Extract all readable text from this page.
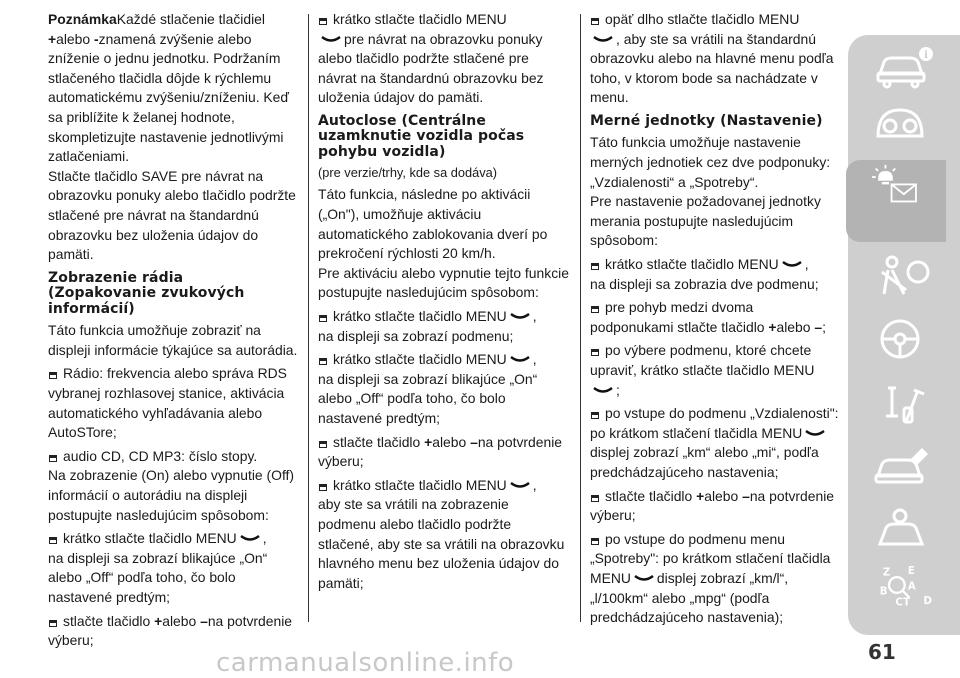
PoznámkaKaždé stlačenie tlačidiel
+alebo -znamená zvýšenie alebo zníženie o jednu jednotku. Podržaním stlačeného tlačidla dôjde k rýchlemu automatickému zvýšeniu/zníženiu. Keď sa priblížite k želanej hodnote, skompletizujte nastavenie jednotlivými zatlačeniami.

Stlačte tlačidlo SAVE pre návrat na obrazovku ponuky alebo tlačidlo podržte stlačené pre návrat na štandardnú obrazovku bez uloženia údajov do pamäti.

Zobrazenie rádia
(Zopakovanie zvukových informácií)

Táto funkcia umožňuje zobraziť na displeji informácie týkajúce sa autorádia.

Rádio: frekvencia alebo správa RDS vybranej rozhlasovej stanice, aktivácia automatického vyhľadávania alebo AutoSTore;

audio CD, CD MP3: číslo stopy.

Na zobrazenie (On) alebo vypnutie (Off) informácií o autorádiu na displeji postupujte nasledujúcim spôsobom:

krátko stlačte tlačidlo MENU ,
na displeji sa zobrazí blikajúce „On“ alebo „Off“ podľa toho, čo bolo nastavené predtým;

stlačte tlačidlo +alebo –na potvrdenie výberu;

krátko stlačte tlačidlo MENU

pre návrat na obrazovku ponuky alebo tlačidlo podržte stlačené pre návrat na štandardnú obrazovku bez uloženia údajov do pamäti.

Autoclose (Centrálne uzamknutie vozidla počas pohybu vozidla)

(pre verzie/trhy, kde sa dodáva)

Táto funkcia, následne po aktivácii („On"), umožňuje aktiváciu automatického zablokovania dverí po prekročení rýchlosti 20 km/h.

Pre aktiváciu alebo vypnutie tejto funkcie postupujte nasledujúcim spôsobom:

krátko stlačte tlačidlo MENU ,
na displeji sa zobrazí podmenu;

krátko stlačte tlačidlo MENU ,
na displeji sa zobrazí blikajúce „On“ alebo „Off“ podľa toho, čo bolo nastavené predtým;

stlačte tlačidlo +alebo –na potvrdenie výberu;

krátko stlačte tlačidlo MENU ,
aby ste sa vrátili na zobrazenie podmenu alebo tlačidlo podržte stlačené, aby ste sa vrátili na obrazovku hlavného menu bez uloženia údajov do pamäti;

opäť dlho stlačte tlačidlo MENU

, aby ste sa vrátili na štandardnú obrazovku alebo na hlavné menu podľa toho, v ktorom bode sa nachádzate v menu.

Merné jednotky (Nastavenie)

Táto funkcia umožňuje nastavenie merných jednotiek cez dve podponuky: „Vzdialenosti“ a „Spotreby“.

Pre nastavenie požadovanej jednotky merania postupujte nasledujúcim spôsobom:

krátko stlačte tlačidlo MENU ,
na displeji sa zobrazia dve podmenu;

pre pohyb medzi dvoma podponukami stlačte tlačidlo +alebo –;

po výbere podmenu, ktoré chcete upraviť, krátko stlačte tlačidlo MENU

;

po vstupe do podmenu „Vzdialenosti": po krátkom stlačení tlačidla MENU
displej zobrazí „km“ alebo „mi“, podľa predchádzajúceho nastavenia;

stlačte tlačidlo +alebo –na potvrdenie výberu;

po vstupe do podmenu menu „Spotreby": po krátkom stlačení tlačidla MENU displej zobrazí „km/l“, „l/100km“ alebo „mpg“ (podľa predchádzajúceho nastavenia);

i
Z E
B
C T D
A
61
carmanualsonline.info
